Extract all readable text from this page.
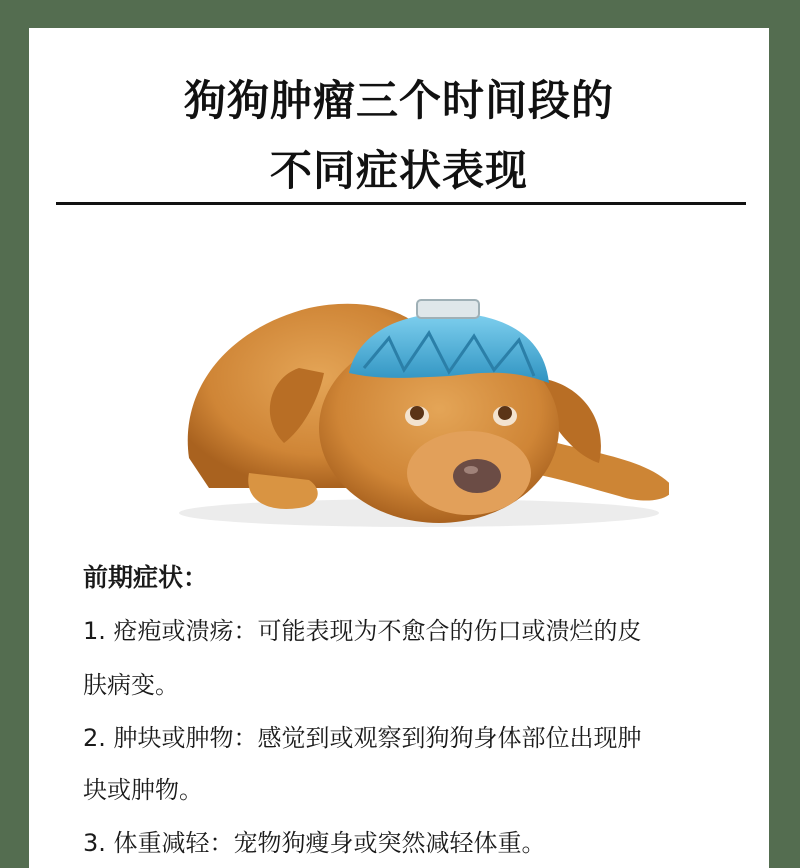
狗狗肿瘤三个时间段的
不同症状表现
前期症状：

1. 疮疱或溃疡：可能表现为不愈合的伤口或溃烂的皮

肤病变。

2. 肿块或肿物：感觉到或观察到狗狗身体部位出现肿

块或肿物。

3. 体重减轻：宠物狗瘦身或突然减轻体重。
